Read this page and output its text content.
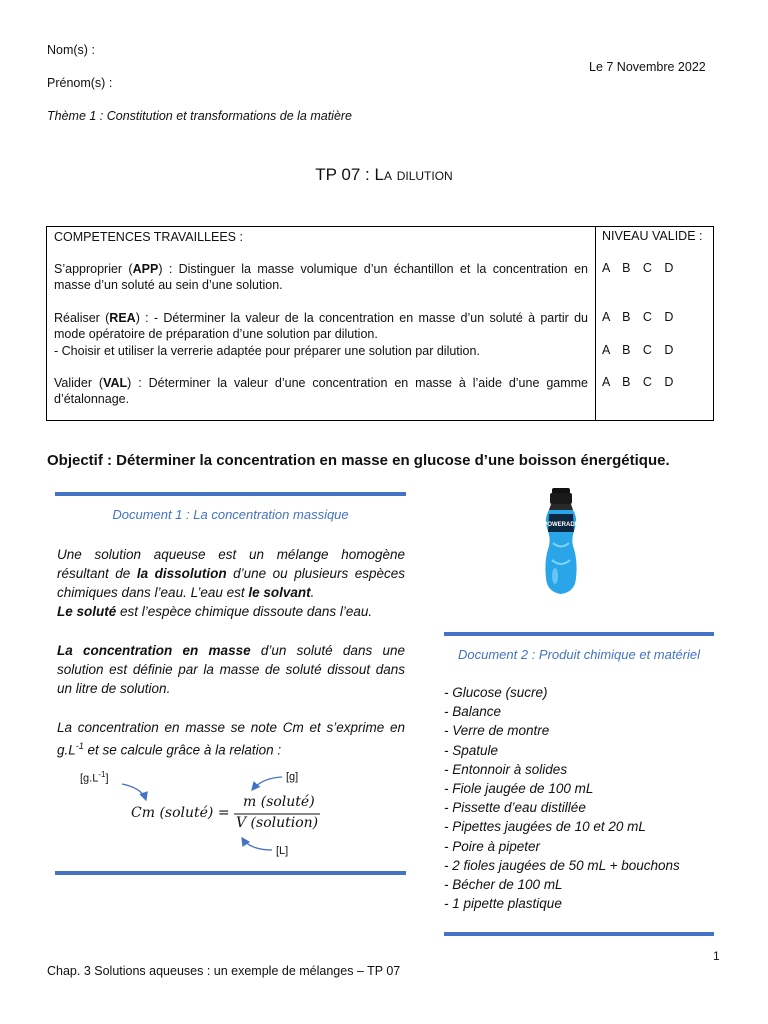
Nom(s) :
Prénom(s) :
Le 7 Novembre 2022
Thème 1 : Constitution et transformations de la matière
TP 07 : La dilution
COMPETENCES TRAVAILLEES :	NIVEAU VALIDE :
S’approprier (APP) : Distinguer la masse volumique d’un échantillon et la concentration en masse d’un soluté au sein d’une solution.
A B C D
Réaliser (REA) : - Déterminer la valeur de la concentration en masse d’un soluté à partir du mode opératoire de préparation d’une solution par dilution.
A B C D
- Choisir et utiliser la verrerie adaptée pour préparer une solution par dilution.	A B C D
Valider (VAL) : Déterminer la valeur d’une concentration en masse à l’aide d’une gamme d’étalonnage.
A B C D
Objectif : Déterminer la concentration en masse en glucose d’une boisson énergétique.
Document 1 : La concentration massique
Une solution aqueuse est un mélange homogène résultant de la dissolution d’une ou plusieurs espèces chimiques dans l’eau. L’eau est le solvant.
Le soluté est l’espèce chimique dissoute dans l’eau.
La concentration en masse d’un soluté dans une solution est définie par la masse de soluté dissout dans un litre de solution.
La concentration en masse se note Cm et s’exprime en $g.L^{-1}$ et se calcule grâce à la relation :
$[g.L^{-1}]$	[g]
[L]
Cm (soluté) =
m (soluté)
V (solution)
POWERADE
Document 2 : Produit chimique et matériel
- Glucose (sucre)
- Balance
- Verre de montre
- Spatule
- Entonnoir à solides
- Fiole jaugée de 100 mL
- Pissette d’eau distillée
- Pipettes jaugées de 10 et 20 mL
- Poire à pipeter
- 2 fioles jaugées de 50 mL + bouchons
- Bécher de 100 mL
- 1 pipette plastique
1
Chap. 3 Solutions aqueuses : un exemple de mélanges – TP 07
